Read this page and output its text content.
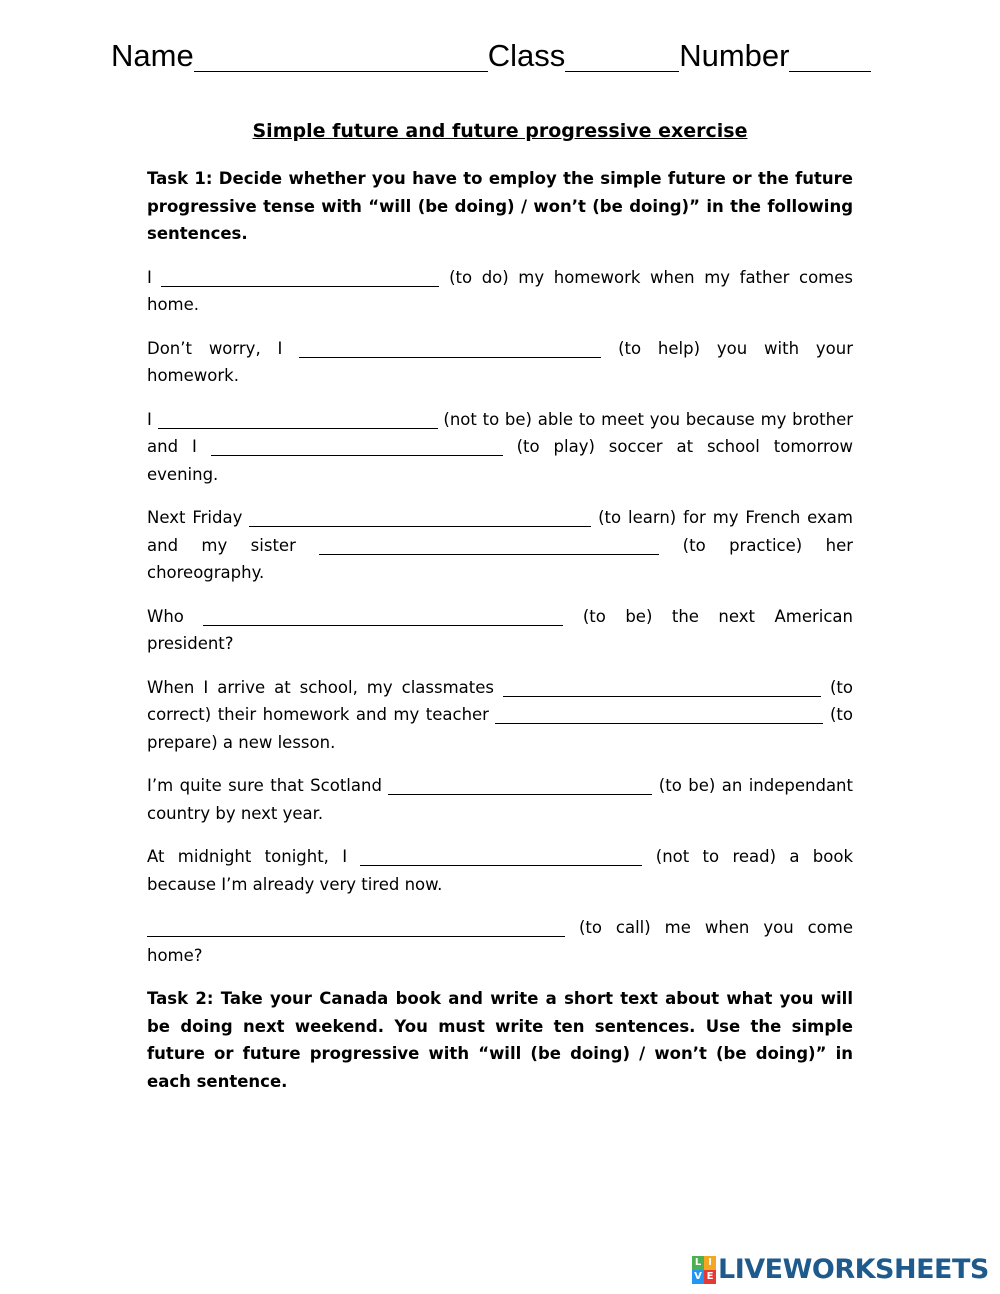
Name	Class	Number
Simple future and future progressive exercise

Task 1: Decide whether you have to employ the simple future or the future progressive tense with “will (be doing) / won’t (be doing)” in the following sentences.

I	(to do) my homework when my father comes home.

Don’t worry, I	(to help) you with your homework.

I	(not to be) able to meet you because my brother and I	(to play) soccer at school tomorrow evening.

Next Friday	(to learn) for my French exam and my sister	(to practice) her choreography.

Who	(to be) the next American president?

When I arrive at school, my classmates	(to correct) their homework and my teacher	(to prepare) a new lesson.

I’m quite sure that Scotland	(to be) an independant country by next year.

At midnight tonight, I	(not to read) a book because I’m already very tired now.

(to call) me when you come home?

Task 2: Take your Canada book and write a short text about what you will be doing next weekend. You must write ten sentences. Use the simple future or future progressive with “will (be doing) / won’t (be doing)” in each sentence.

L I
V E LIVEWORKSHEETS
